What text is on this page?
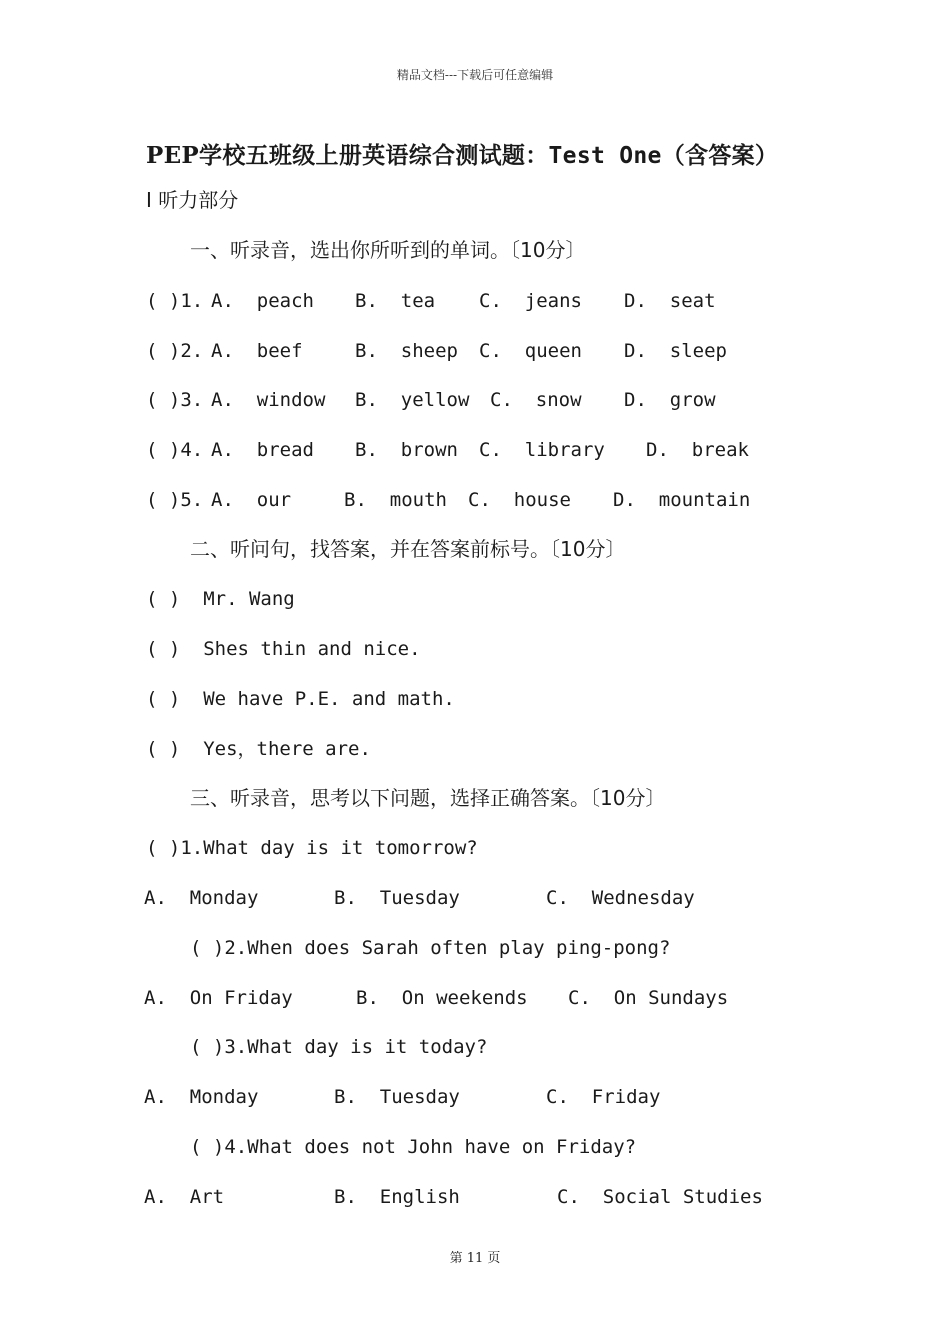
精品文档---下载后可任意编辑
PEP学校五班级上册英语综合测试题：Test One（含答案）
I 听力部分
一、听录音，选出你所听到的单词。〔10分〕
( )1. A.  peach B.  tea C.  jeans D.  seat
( )2. A.  beef	B.  sheep C.  queen D.  sleep
( )3. A.  window B.  yellow C.  snow D.  grow
( )4. A.  bread B.  brown C.  library D.  break
( )5. A.  our	B.  mouth C.  house D.  mountain
二、听问句，找答案，并在答案前标号。〔10分〕
( )  Mr. Wang
( )  Shes thin and nice.
( )  We have P.E. and math.
( )  Yes，there are.
三、听录音，思考以下问题，选择正确答案。〔10分〕
( )1.What day is it tomorrow?
A.  Monday	B.  Tuesday	C.  Wednesday
( )2.When does Sarah often play ping-pong?
A.  On Friday	B.  On weekends C.  On Sundays
( )3.What day is it today?
A.  Monday	B.  Tuesday	C.  Friday
( )4.What does not John have on Friday?
A.  Art	B.  English	C.  Social Studies
第 11 页
